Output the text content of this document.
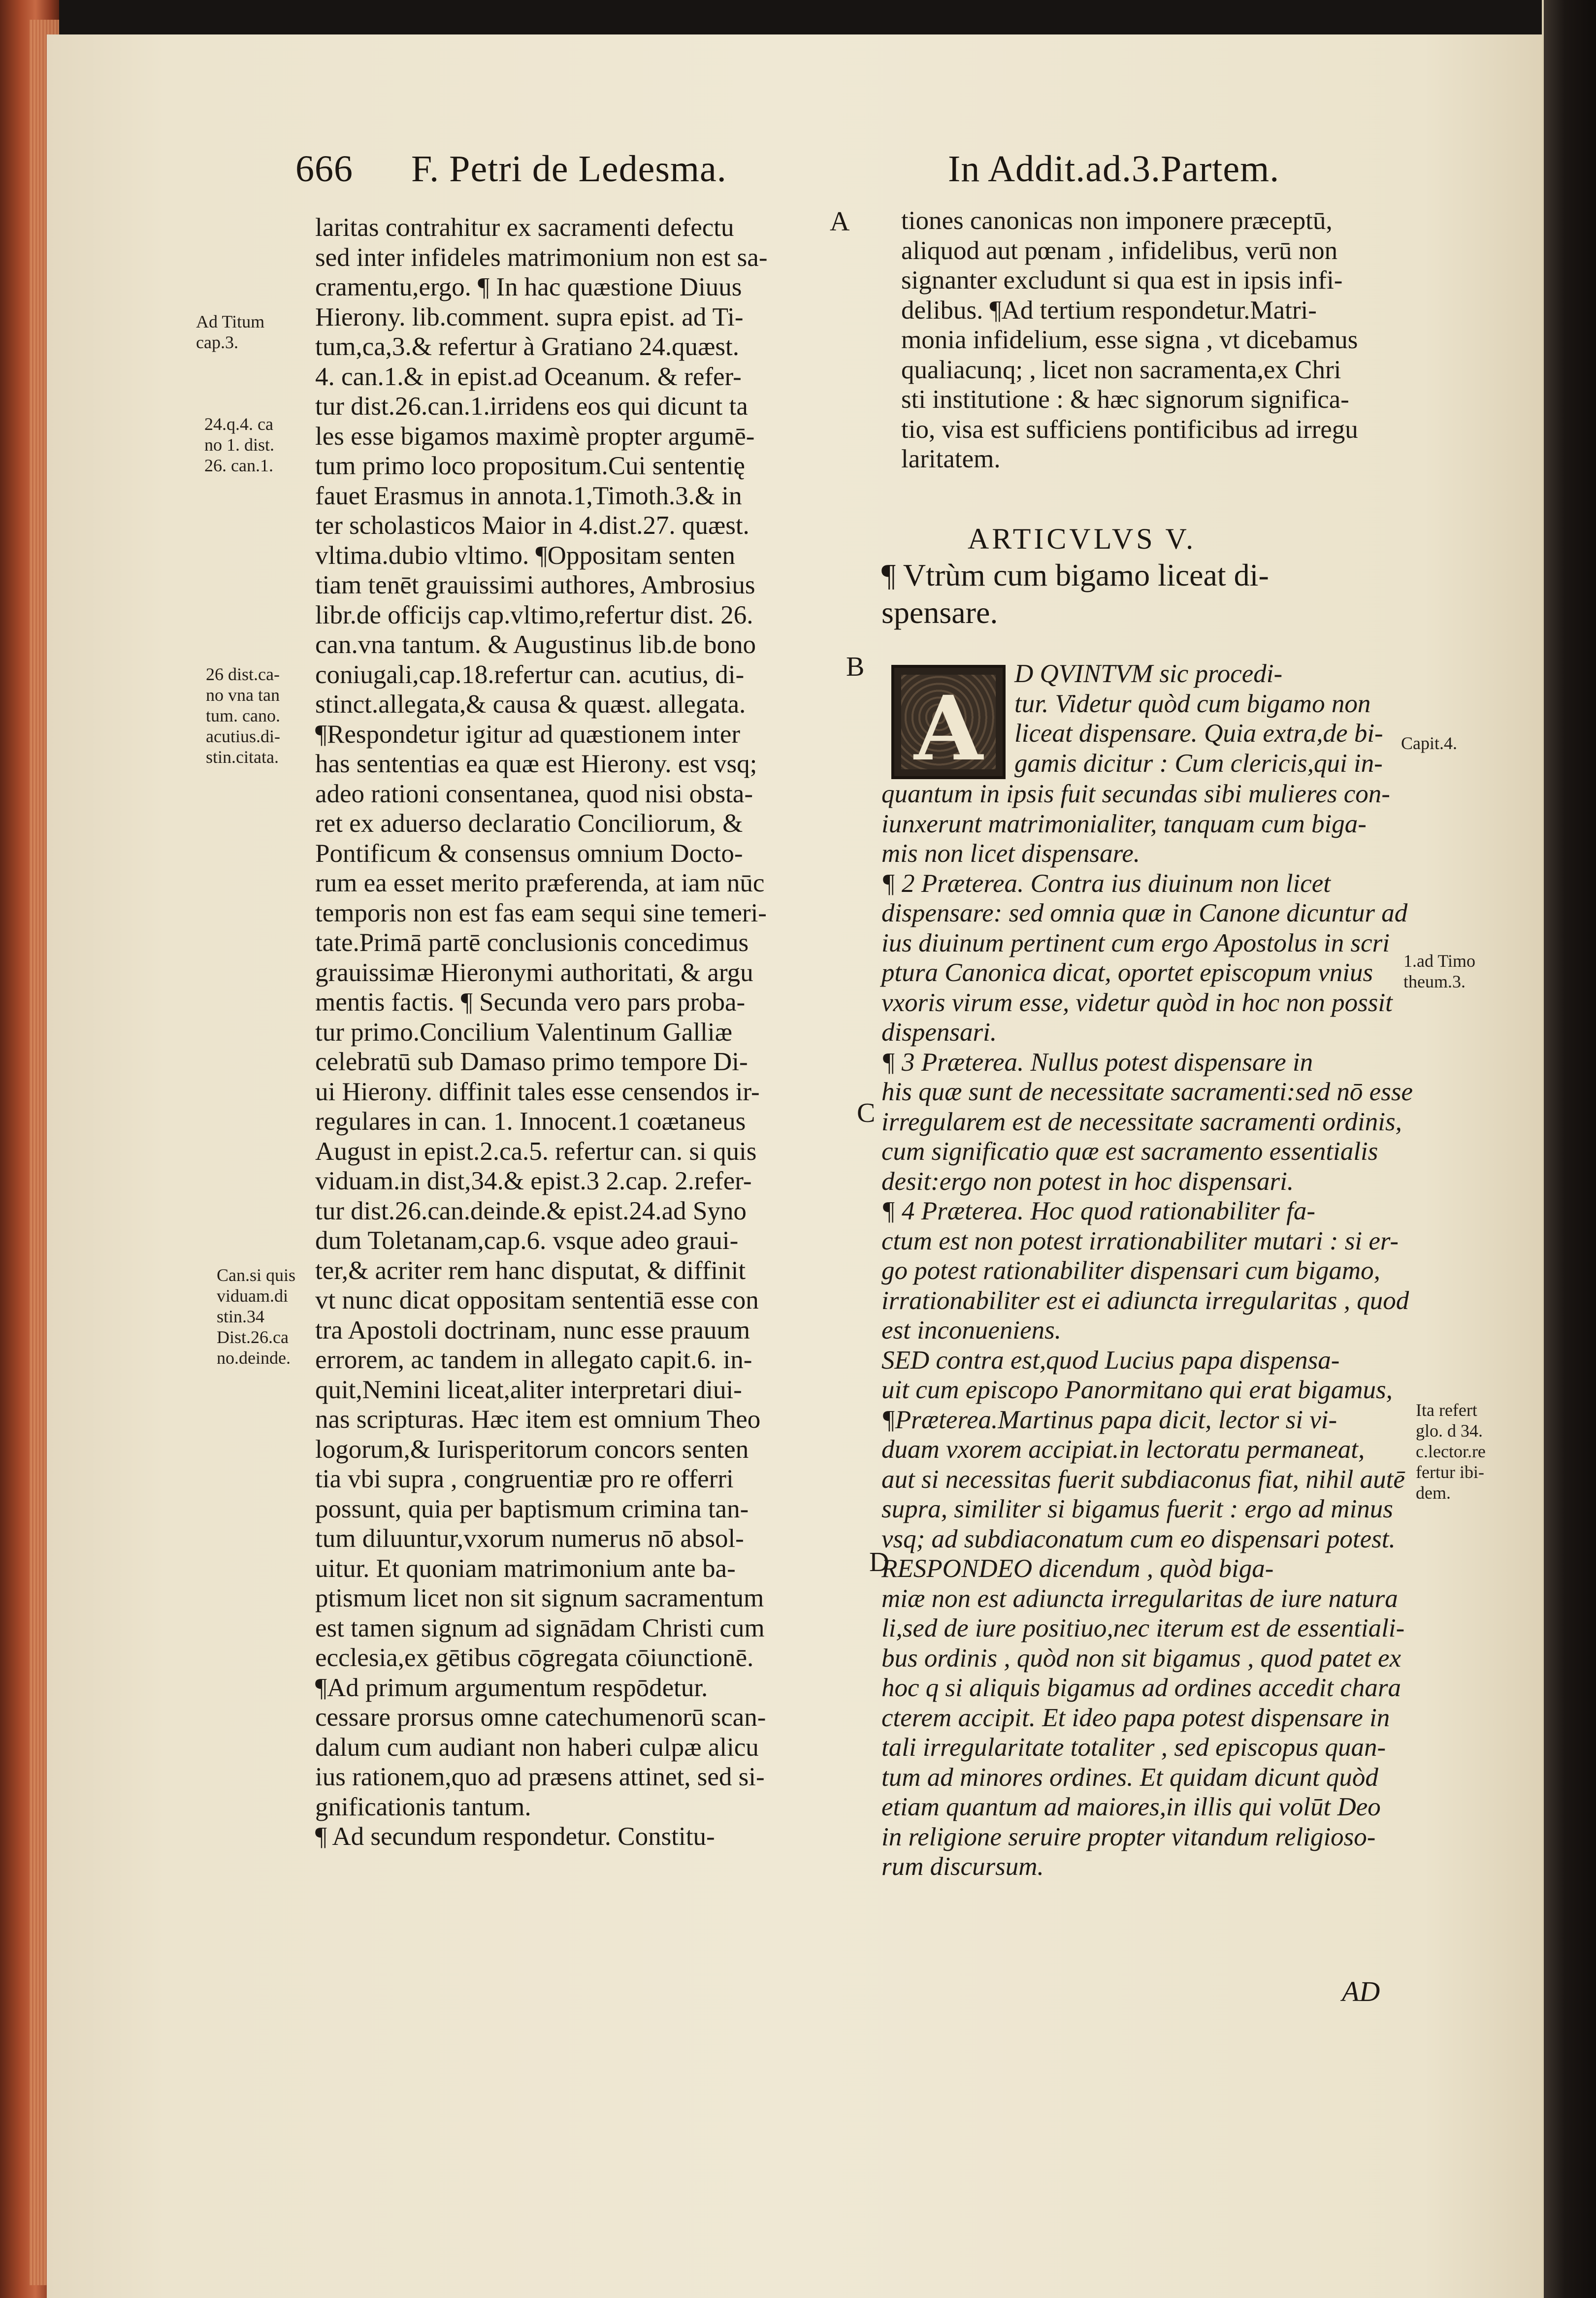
666 F. Petri de Ledesma.	In Addit.ad.3.Partem.
Ad Titum
cap.3.
24.q.4. ca
no 1. dist.
26. can.1.
26 dist.ca-
no vna tan
tum. cano.
acutius.di-
stin.citata.
Can.si quis
viduam.di
stin.34
Dist.26.ca
no.deinde.
A
B
C
D
laritas contrahitur ex sacramenti defectu
sed inter infideles matrimonium non est sa-
cramentu,ergo. ¶ In hac quæstione Diuus
Hierony. lib.comment. supra epist. ad Ti-
tum,ca,3.& refertur à Gratiano 24.quæst.
4. can.1.& in epist.ad Oceanum. & refer-
tur dist.26.can.1.irridens eos qui dicunt ta
les esse bigamos maximè propter argumē-
tum primo loco propositum.Cui sententię
fauet Erasmus in annota.1,Timoth.3.& in
ter scholasticos Maior in 4.dist.27. quæst.
vltima.dubio vltimo. ¶Oppositam senten
tiam tenēt grauissimi authores, Ambrosius
libr.de officijs cap.vltimo,refertur dist. 26.
can.vna tantum. & Augustinus lib.de bono
coniugali,cap.18.refertur can. acutius, di-
stinct.allegata,& causa & quæst. allegata.
¶Respondetur igitur ad quæstionem inter
has sententias ea quæ est Hierony. est vsq;
adeo rationi consentanea, quod nisi obsta-
ret ex aduerso declaratio Conciliorum, &
Pontificum & consensus omnium Docto-
rum ea esset merito præferenda, at iam nūc
temporis non est fas eam sequi sine temeri-
tate.Primā partē conclusionis concedimus
grauissimæ Hieronymi authoritati, & argu
mentis factis. ¶ Secunda vero pars proba-
tur primo.Concilium Valentinum Galliæ
celebratū sub Damaso primo tempore Di-
ui Hierony. diffinit tales esse censendos ir-
regulares in can. 1. Innocent.1 coætaneus
August in epist.2.ca.5. refertur can. si quis
viduam.in dist,34.& epist.3 2.cap. 2.refer-
tur dist.26.can.deinde.& epist.24.ad Syno
dum Toletanam,cap.6. vsque adeo graui-
ter,& acriter rem hanc disputat, & diffinit
vt nunc dicat oppositam sententiā esse con
tra Apostoli doctrinam, nunc esse prauum
errorem, ac tandem in allegato capit.6. in-
quit,Nemini liceat,aliter interpretari diui-
nas scripturas. Hæc item est omnium Theo
logorum,& Iurisperitorum concors senten
tia vbi supra , congruentiæ pro re offerri
possunt, quia per baptismum crimina tan-
tum diluuntur,vxorum numerus nō absol-
uitur. Et quoniam matrimonium ante ba-
ptismum licet non sit signum sacramentum
est tamen signum ad signādam Christi cum
ecclesia,ex gētibus cōgregata cōiunctionē.
¶Ad primum argumentum respōdetur.
cessare prorsus omne catechumenorū scan-
dalum cum audiant non haberi culpæ alicu
ius rationem,quo ad præsens attinet, sed si-
gnificationis tantum.
¶ Ad secundum respondetur. Constitu-
tiones canonicas non imponere præceptū,
aliquod aut pœnam , infidelibus, verū non
signanter excludunt si qua est in ipsis infi-
delibus. ¶Ad tertium respondetur.Matri-
monia infidelium, esse signa , vt dicebamus
qualiacunq; , licet non sacramenta,ex Chri
sti institutione : & hæc signorum significa-
tio, visa est sufficiens pontificibus ad irregu
laritatem.
ARTICVLVS V.
¶ Vtrùm cum bigamo liceat di-
spensare.
A
D QVINTVM sic procedi-
tur. Videtur quòd cum bigamo non
liceat dispensare. Quia extra,de bi-
gamis dicitur : Cum clericis,qui in-
quantum in ipsis fuit secundas sibi mulieres con-
iunxerunt matrimonialiter, tanquam cum biga-
mis non licet dispensare.
¶ 2 Præterea. Contra ius diuinum non licet
dispensare: sed omnia quæ in Canone dicuntur ad
ius diuinum pertinent cum ergo Apostolus in scri
ptura Canonica dicat, oportet episcopum vnius
vxoris virum esse, videtur quòd in hoc non possit
dispensari.
¶ 3 Præterea. Nullus potest dispensare in
his quæ sunt de necessitate sacramenti:sed nō esse
irregularem est de necessitate sacramenti ordinis,
cum significatio quæ est sacramento essentialis
desit:ergo non potest in hoc dispensari.
¶ 4 Præterea. Hoc quod rationabiliter fa-
ctum est non potest irrationabiliter mutari : si er-
go potest rationabiliter dispensari cum bigamo,
irrationabiliter est ei adiuncta irregularitas , quod
est inconueniens.
SED contra est,quod Lucius papa dispensa-
uit cum episcopo Panormitano qui erat bigamus,
¶Præterea.Martinus papa dicit, lector si vi-
duam vxorem accipiat.in lectoratu permaneat,
aut si necessitas fuerit subdiaconus fiat, nihil autē
supra, similiter si bigamus fuerit : ergo ad minus
vsq; ad subdiaconatum cum eo dispensari potest.
RESPONDEO dicendum , quòd biga-
miæ non est adiuncta irregularitas de iure natura
li,sed de iure positiuo,nec iterum est de essentiali-
bus ordinis , quòd non sit bigamus , quod patet ex
hoc q si aliquis bigamus ad ordines accedit chara
cterem accipit. Et ideo papa potest dispensare in
tali irregularitate totaliter , sed episcopus quan-
tum ad minores ordines. Et quidam dicunt quòd
etiam quantum ad maiores,in illis qui volūt Deo
in religione seruire propter vitandum religioso-
rum discursum.
AD
Capit.4.
1.ad Timo
theum.3.
Ita refert
glo. d 34.
c.lector.re
fertur ibi-
dem.
